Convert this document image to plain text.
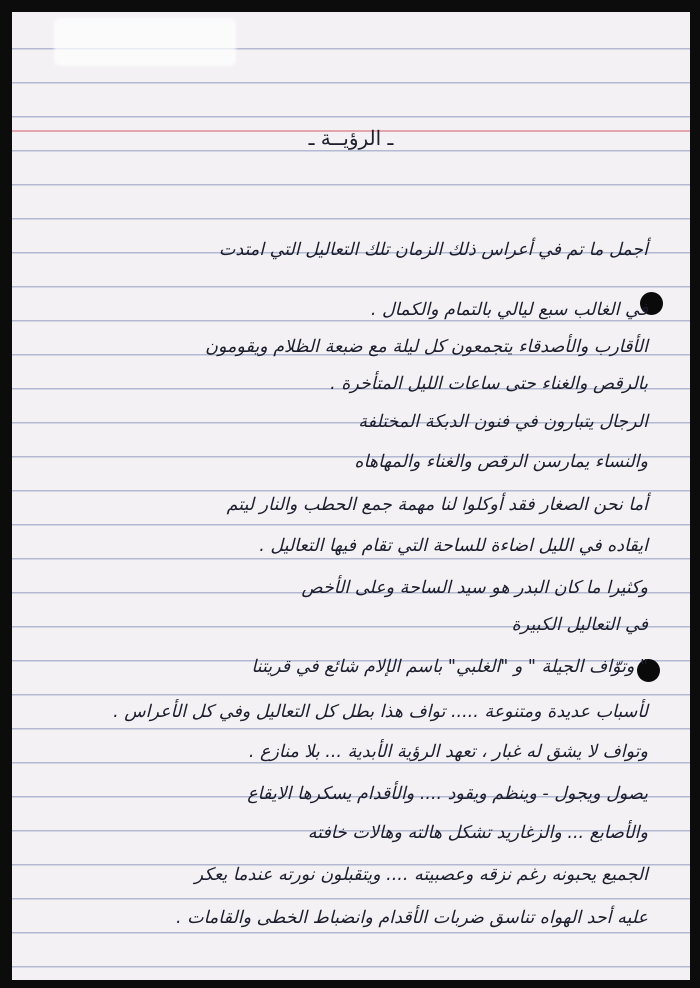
ـ الرؤيــة ـ
أجمل ما تم في أعراس ذلك الزمان تلك التعاليل التي امتدت
في الغالب سبع ليالي بالتمام والكمال .
الأقارب والأصدقاء يتجمعون كل ليلة مع ضبعة الظلام ويقومون
بالرقص والغناء حتى ساعات الليل المتأخرة .
الرجال يتبارون في فنون الدبكة المختلفة
والنساء يمارسن الرقص والغناء والمهاهاه
أما نحن الصغار فقد أوكلوا لنا مهمة جمع الحطب والنار ليتم
ايقاده في الليل اضاءة للساحة التي تقام فيها التعاليل .
وكثيرا ما كان البدر هو سيد الساحة وعلى الأخص
في التعاليل الكبيرة
" وتوّاف الجيلة " و "الغلبي" باسم الإلام شائع في قريتنا
لأسباب عديدة ومتنوعة ..... تواف هذا بطل كل التعاليل وفي كل الأعراس .
وتواف لا يشق له غبار ، تعهد الرؤية الأبدية ... بلا منازع .
يصول ويجول - وينظم ويقود .... والأقدام يسكرها الايقاع
والأصابع ... والزغاريد تشكل هالته وهالات خافته
الجميع يحبونه رغم نزقه وعصبيته .... ويتقبلون نورته عندما يعكر
عليه أحد الهواه تناسق ضربات الأقدام وانضباط الخطى والقامات .
